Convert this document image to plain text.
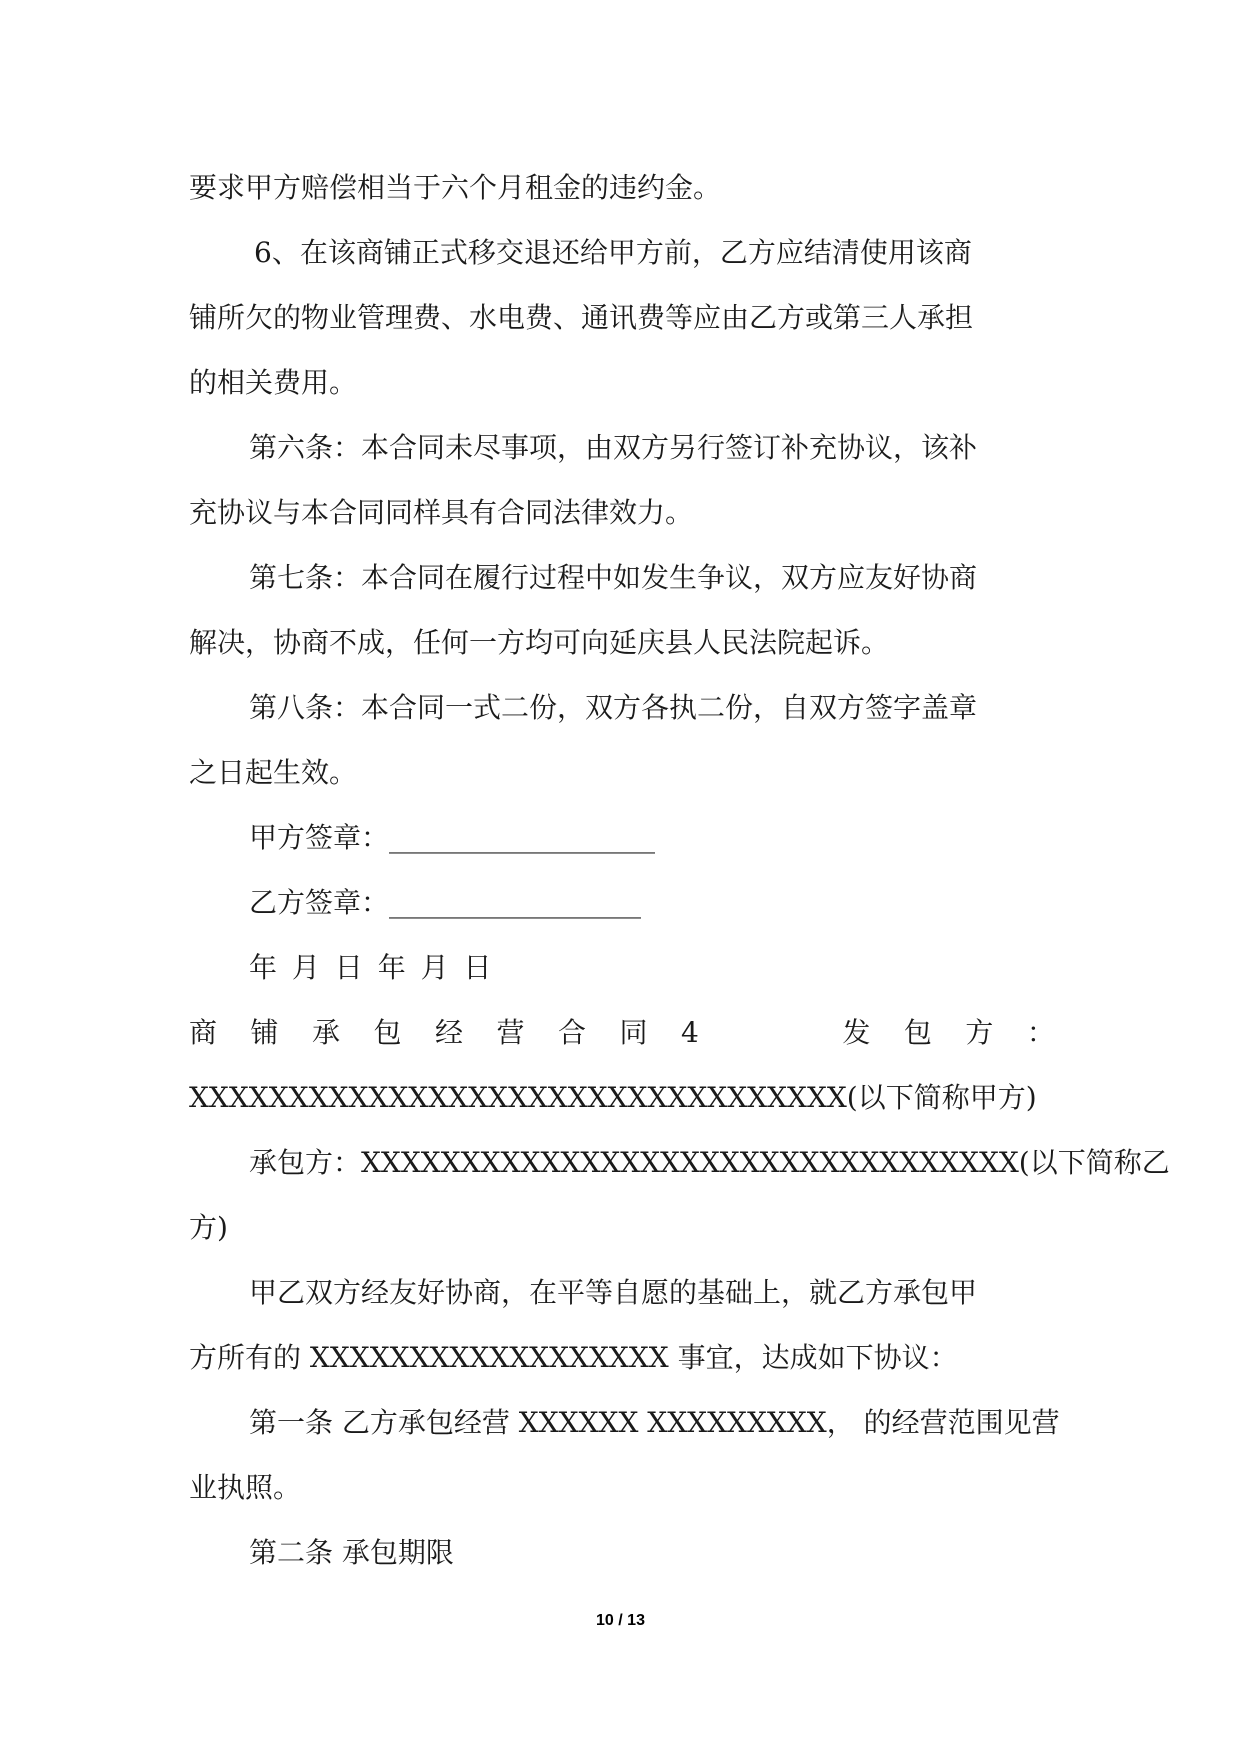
要求甲方赔偿相当于六个月租金的违约金。
6、在该商铺正式移交退还给甲方前，乙方应结清使用该商
铺所欠的物业管理费、水电费、通讯费等应由乙方或第三人承担
的相关费用。
第六条：本合同未尽事项，由双方另行签订补充协议，该补
充协议与本合同同样具有合同法律效力。
第七条：本合同在履行过程中如发生争议，双方应友好协商
解决，协商不成，任何一方均可向延庆县人民法院起诉。
第八条：本合同一式二份，双方各执二份，自双方签字盖章
之日起生效。
甲方签章：___________________
乙方签章：__________________
年 月 日 年 月 日
商 铺 承 包 经 营 合 同 4	发 包 方 ：
XXXXXXXXXXXXXXXXXXXXXXXXXXXXXXXXX(以下简称甲方)
承包方：XXXXXXXXXXXXXXXXXXXXXXXXXXXXXXXXX(以下简称乙
方)
甲乙双方经友好协商，在平等自愿的基础上，就乙方承包甲
方所有的 XXXXXXXXXXXXXXXXXX 事宜，达成如下协议：
第一条 乙方承包经营 XXXXXX XXXXXXXXX， 的经营范围见营
业执照。
第二条 承包期限
10 / 13
